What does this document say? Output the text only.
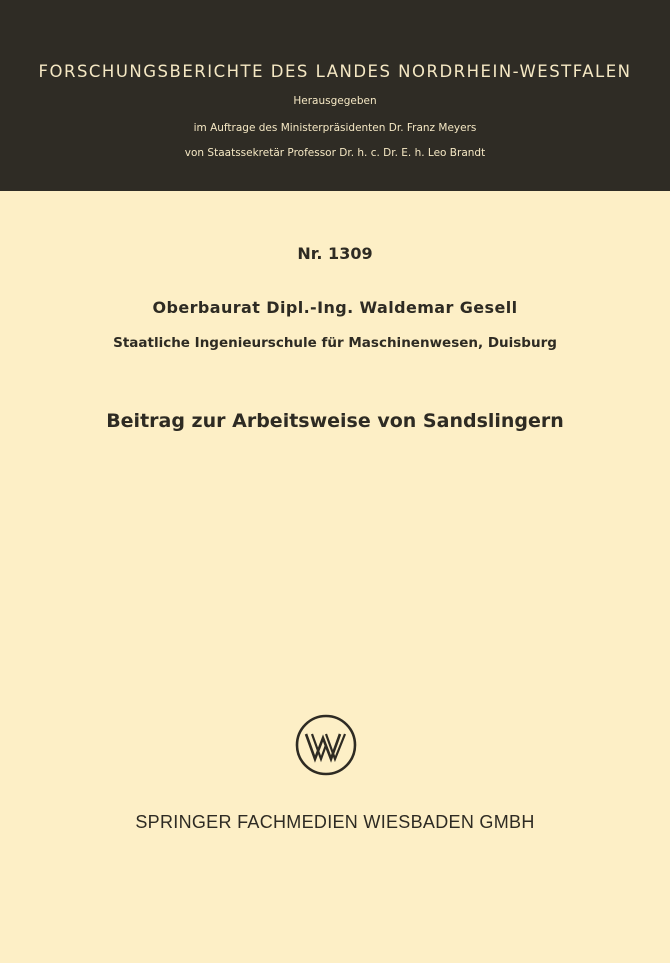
FORSCHUNGSBERICHTE DES LANDES NORDRHEIN-WESTFALEN
Herausgegeben
im Auftrage des Ministerpräsidenten Dr. Franz Meyers
von Staatssekretär Professor Dr. h. c. Dr. E. h. Leo Brandt
Nr. 1309
Oberbaurat Dipl.-Ing. Waldemar Gesell
Staatliche Ingenieurschule für Maschinenwesen, Duisburg
Beitrag zur Arbeitsweise von Sandslingern
SPRINGER FACHMEDIEN WIESBADEN GMBH
